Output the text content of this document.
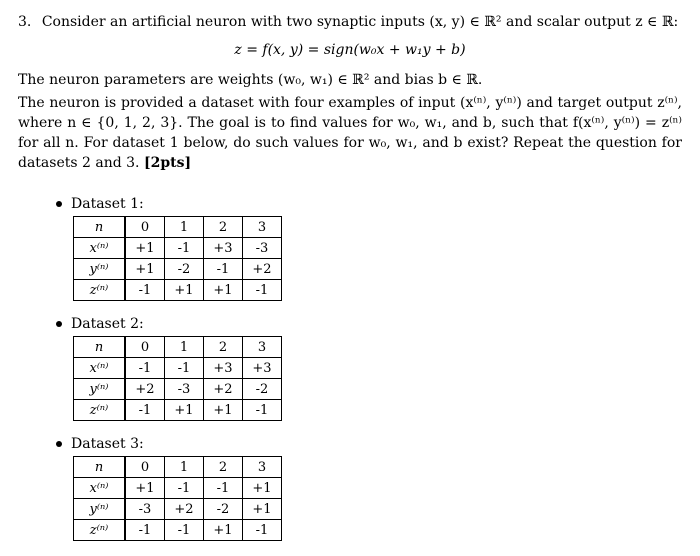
3. Consider an artificial neuron with two synaptic inputs (x, y) ∈ ℝ² and scalar output z ∈ ℝ:
z = f(x, y) = sign(w₀x + w₁y + b)

The neuron parameters are weights (w₀, w₁) ∈ ℝ² and bias b ∈ ℝ.

The neuron is provided a dataset with four examples of input (x⁽ⁿ⁾, y⁽ⁿ⁾) and target output z⁽ⁿ⁾, where n ∈ {0, 1, 2, 3}. The goal is to find values for w₀, w₁, and b, such that f(x⁽ⁿ⁾, y⁽ⁿ⁾) = z⁽ⁿ⁾ for all n. For dataset 1 below, do such values for w₀, w₁, and b exist? Repeat the question for datasets 2 and 3. [2pts]

Dataset 1:
n	0	1	2	3
x⁽ⁿ⁾	+1	-1	+3	-3
y⁽ⁿ⁾	+1	-2	-1	+2
z⁽ⁿ⁾	-1	+1	+1	-1
Dataset 2:
n	0	1	2	3
x⁽ⁿ⁾	-1	-1	+3	+3
y⁽ⁿ⁾	+2	-3	+2	-2
z⁽ⁿ⁾	-1	+1	+1	-1
Dataset 3:
n	0	1	2	3
x⁽ⁿ⁾	+1	-1	-1	+1
y⁽ⁿ⁾	-3	+2	-2	+1
z⁽ⁿ⁾	-1	-1	+1	-1
